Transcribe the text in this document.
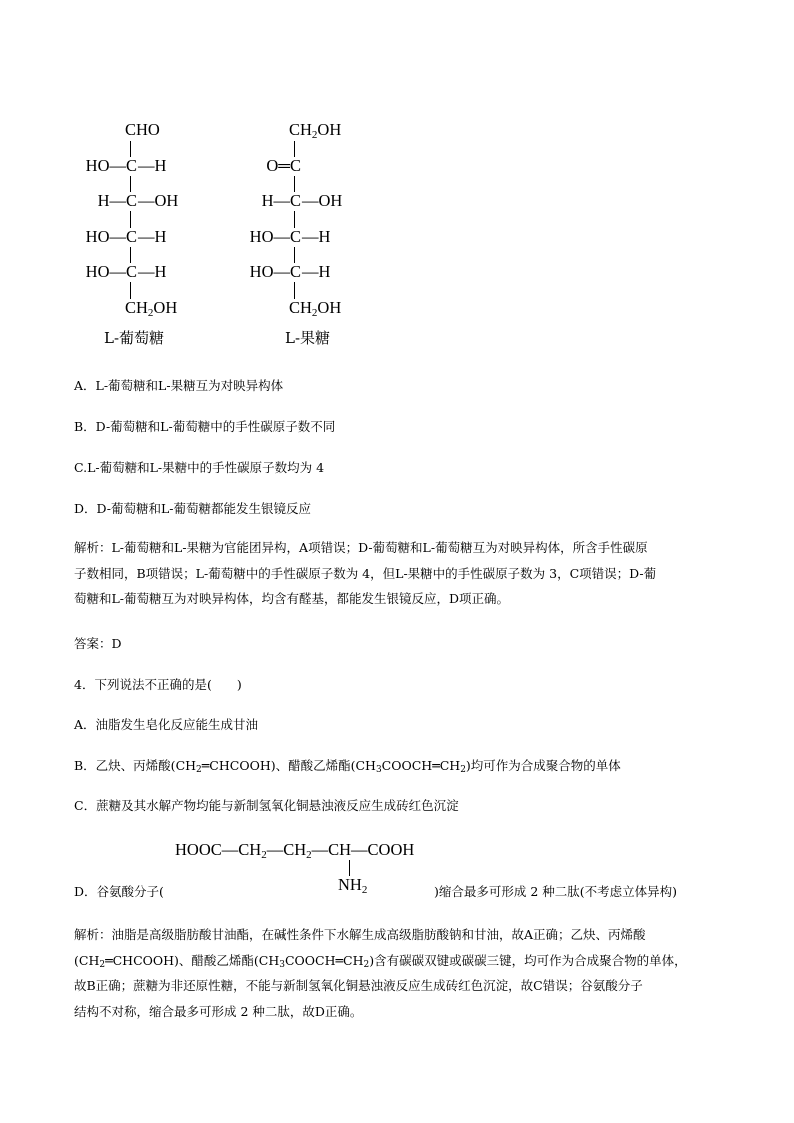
CHO
HO— C —H
H— C —OH
HO— C —H
HO— C —H
$CH_2OH$
L-葡萄糖
$CH_2OH$
O═ C
H— C —OH
HO— C —H
HO— C —H
$CH_2OH$
L-果糖
A．L-葡萄糖和L-果糖互为对映异构体
B．D-葡萄糖和L-葡萄糖中的手性碳原子数不同
C.L-葡萄糖和L-果糖中的手性碳原子数均为 4
D．D-葡萄糖和L-葡萄糖都能发生银镜反应
解析：L-葡萄糖和L-果糖为官能团异构，A项错误；D-葡萄糖和L-葡萄糖互为对映异构体，所含手性碳原
子数相同，B项错误；L-葡萄糖中的手性碳原子数为 4，但L-果糖中的手性碳原子数为 3，C项错误；D-葡
萄糖和L-葡萄糖互为对映异构体，均含有醛基，都能发生银镜反应，D项正确。
答案：D
4．下列说法不正确的是(　　)
A．油脂发生皂化反应能生成甘油
B．乙炔、丙烯酸$(CH_2═CHCOOH)$、醋酸乙烯酯$(CH_3COOCH═CH_2)$均可作为合成聚合物的单体
C．蔗糖及其水解产物均能与新制氢氧化铜悬浊液反应生成砖红色沉淀
$HOOC—CH_2—CH_2—CH—COOH$
$NH_2$
D．谷氨酸分子(	)缩合最多可形成 2 种二肽(不考虑立体异构)
解析：油脂是高级脂肪酸甘油酯，在碱性条件下水解生成高级脂肪酸钠和甘油，故A正确；乙炔、丙烯酸
$(CH_2═CHCOOH)$、醋酸乙烯酯$(CH_3COOCH═CH_2)$含有碳碳双键或碳碳三键，均可作为合成聚合物的单体，
故B正确；蔗糖为非还原性糖，不能与新制氢氧化铜悬浊液反应生成砖红色沉淀，故C错误；谷氨酸分子
结构不对称，缩合最多可形成 2 种二肽，故D正确。
